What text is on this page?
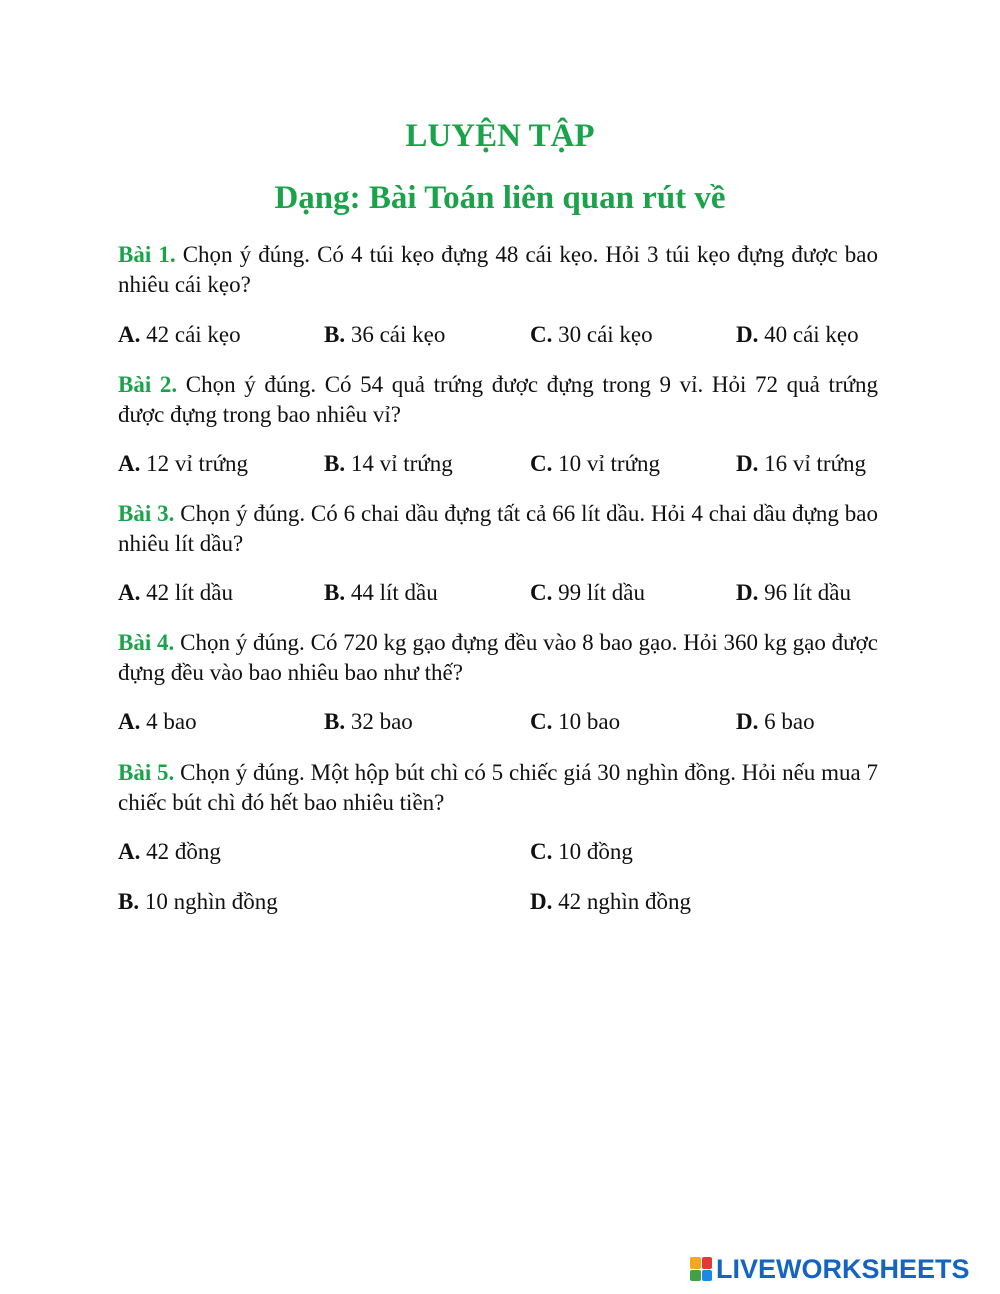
LUYỆN TẬP
Dạng: Bài Toán liên quan rút về

Bài 1. Chọn ý đúng. Có 4 túi kẹo đựng 48 cái kẹo. Hỏi 3 túi kẹo đựng được bao nhiêu cái kẹo?

A. 42 cái kẹo	B. 36 cái kẹo	C. 30 cái kẹo	D. 40 cái kẹo

Bài 2. Chọn ý đúng. Có 54 quả trứng được đựng trong 9 vỉ. Hỏi 72 quả trứng được đựng trong bao nhiêu vỉ?

A. 12 vỉ trứng	B. 14 vỉ trứng	C. 10 vỉ trứng	D. 16 vỉ trứng

Bài 3. Chọn ý đúng. Có 6 chai dầu đựng tất cả 66 lít dầu. Hỏi 4 chai dầu đựng bao nhiêu lít dầu?

A. 42 lít dầu	B. 44 lít dầu	C. 99 lít dầu	D. 96 lít dầu

Bài 4. Chọn ý đúng. Có 720 kg gạo đựng đều vào 8 bao gạo. Hỏi 360 kg gạo được đựng đều vào bao nhiêu bao như thế?

A. 4 bao	B. 32 bao	C. 10 bao	D. 6 bao

Bài 5. Chọn ý đúng. Một hộp bút chì có 5 chiếc giá 30 nghìn đồng. Hỏi nếu mua 7 chiếc bút chì đó hết bao nhiêu tiền?

A. 42 đồng	C. 10 đồng
B. 10 nghìn đồng	D. 42 nghìn đồng
LIVEWORKSHEETS
